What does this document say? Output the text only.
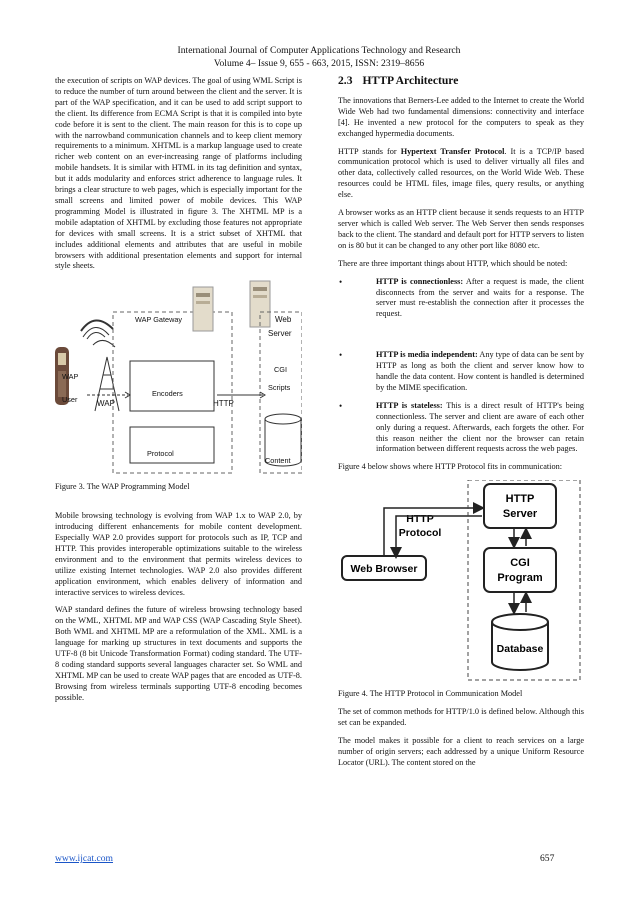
International Journal of Computer Applications Technology and Research
Volume 4– Issue 9, 655 - 663, 2015, ISSN: 2319–8656

the execution of scripts on WAP devices. The goal of using WML Script is to reduce the number of turn around between the client and the server. It is part of the WAP specification, and it can be used to add script support to the client. Its difference from ECMA Script is that it is compiled into byte code before it is sent to the client. The main reason for this is to cope up with the narrowband communication channels and to keep client memory requirements to a minimum. XHTML is a markup language used to create richer web content on an ever-increasing range of platforms including mobile handsets. It is similar with HTML in its tag definition and syntax, but it adds modularity and enforces strict adherence to language rules. It brings a clear structure to web pages, which is especially important for the small screens and limited power of mobile devices. This WAP programming Model is illustrated in figure 3. The XHTML MP is a mobile adaptation of XHTML by excluding those features not appropriate for devices with small screens. It is a strict subset of XHTML that includes additional elements and attributes that are useful in mobile browsers with additional presentation elements and support for internal style sheets.

WAP Gateway	Web
Server
CGI
Scripts
WAP
User WAP
Encoders
HTTP
Protocol
Content

Figure 3. The WAP Programming Model

Mobile browsing technology is evolving from WAP 1.x to WAP 2.0, by introducing different enhancements for mobile content development. Especially WAP 2.0 provides support for protocols such as IP, TCP and HTTP. This provides interoperable optimizations suitable to the wireless environment and to the environment that permits wireless devices to utilize existing Internet technologies. WAP 2.0 also provides different application environment, which enables delivery of information and interactive services to wireless devices.

WAP standard defines the future of wireless browsing technology based on the WML, XHTML MP and WAP CSS (WAP Cascading Style Sheet). Both WML and XHTML MP are a reformulation of the XML. XML is a language for marking up structures in text documents and supports the UTF-8 (8 bit Unicode Transformation Format) coding standard. The UTF-8 coding standard supports several languages character set. So WML and XHTML MP can be used to create WAP pages that are encoded as UTF-8. Browsing from wireless terminals supporting UTF-8 encoding becomes possible.

2.3 HTTP Architecture

The innovations that Berners-Lee added to the Internet to create the World Wide Web had two fundamental dimensions: connectivity and interface [4]. He invented a new protocol for the computers to speak as they exchanged hypermedia documents.

HTTP stands for Hypertext Transfer Protocol. It is a TCP/IP based communication protocol which is used to deliver virtually all files and other data, collectively called resources, on the World Wide Web. These resources could be HTML files, image files, query results, or anything else.

A browser works as an HTTP client because it sends requests to an HTTP server which is called Web server. The Web Server then sends responses back to the client. The standard and default port for HTTP servers to listen on is 80 but it can be changed to any other port like 8080 etc.

There are three important things about HTTP, which should be noted:

•	HTTP is connectionless: After a request is made, the client disconnects from the server and waits for a response. The server must re-establish the connection after it processes the request.
•	HTTP is media independent: Any type of data can be sent by HTTP as long as both the client and server know how to handle the data content. How content is handled is determined by the MIME specification.
•	HTTP is stateless: This is a direct result of HTTP's being connectionless. The server and client are aware of each other only during a request. Afterwards, each forgets the other. For this reason neither the client nor the browser can retain information between different requests across the web pages.

Figure 4 below shows where HTTP Protocol fits in communication:

HTTP
Server
HTTP
Protocol
Web Browser	CGI
Program
Database

Figure 4. The HTTP Protocol in Communication Model

The set of common methods for HTTP/1.0 is defined below. Although this set can be expanded.

The model makes it possible for a client to reach services on a large number of origin servers; each addressed by a unique Uniform Resource Locator (URL). The content stored on the

www.ijcat.com	657
